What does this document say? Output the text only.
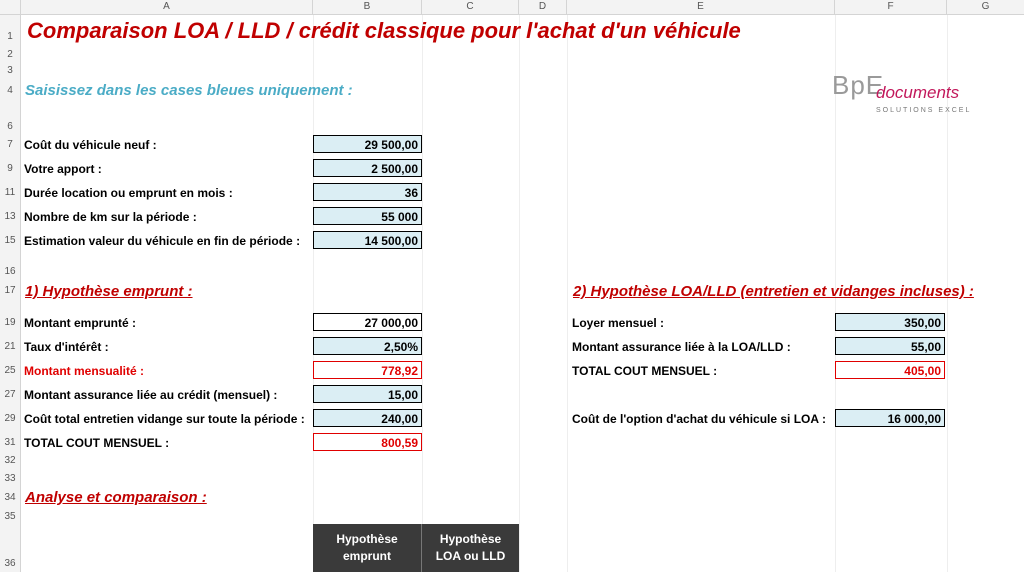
A	B	C	D	E	F	G
1
2
3
4
6
7
9
11
13
15
16
17
19
21
25
27
29
31
32
33
34
35
36
Comparaison LOA / LLD / crédit classique pour l'achat d'un véhicule
Saisissez dans les cases bleues uniquement :	BpE
documents
SOLUTIONS EXCEL
Coût du véhicule neuf :	29 500,00
Votre apport :	2 500,00
Durée location ou emprunt en mois :	36
Nombre de km sur la période :	55 000
Estimation valeur du véhicule en fin de période :	14 500,00
1) Hypothèse emprunt :
Montant emprunté :	27 000,00
Taux d'intérêt :	2,50%
Montant mensualité :	778,92
Montant assurance liée au crédit (mensuel) :	15,00
Coût total entretien vidange sur toute la période :	240,00
TOTAL COUT MENSUEL :	800,59
2) Hypothèse LOA/LLD (entretien et vidanges incluses) :
Loyer mensuel :	350,00
Montant assurance liée à la LOA/LLD :	55,00
TOTAL COUT MENSUEL :	405,00
Coût de l'option d'achat du véhicule si LOA :	16 000,00
Analyse et comparaison :
Hypothèse emprunt
Hypothèse LOA ou LLD
